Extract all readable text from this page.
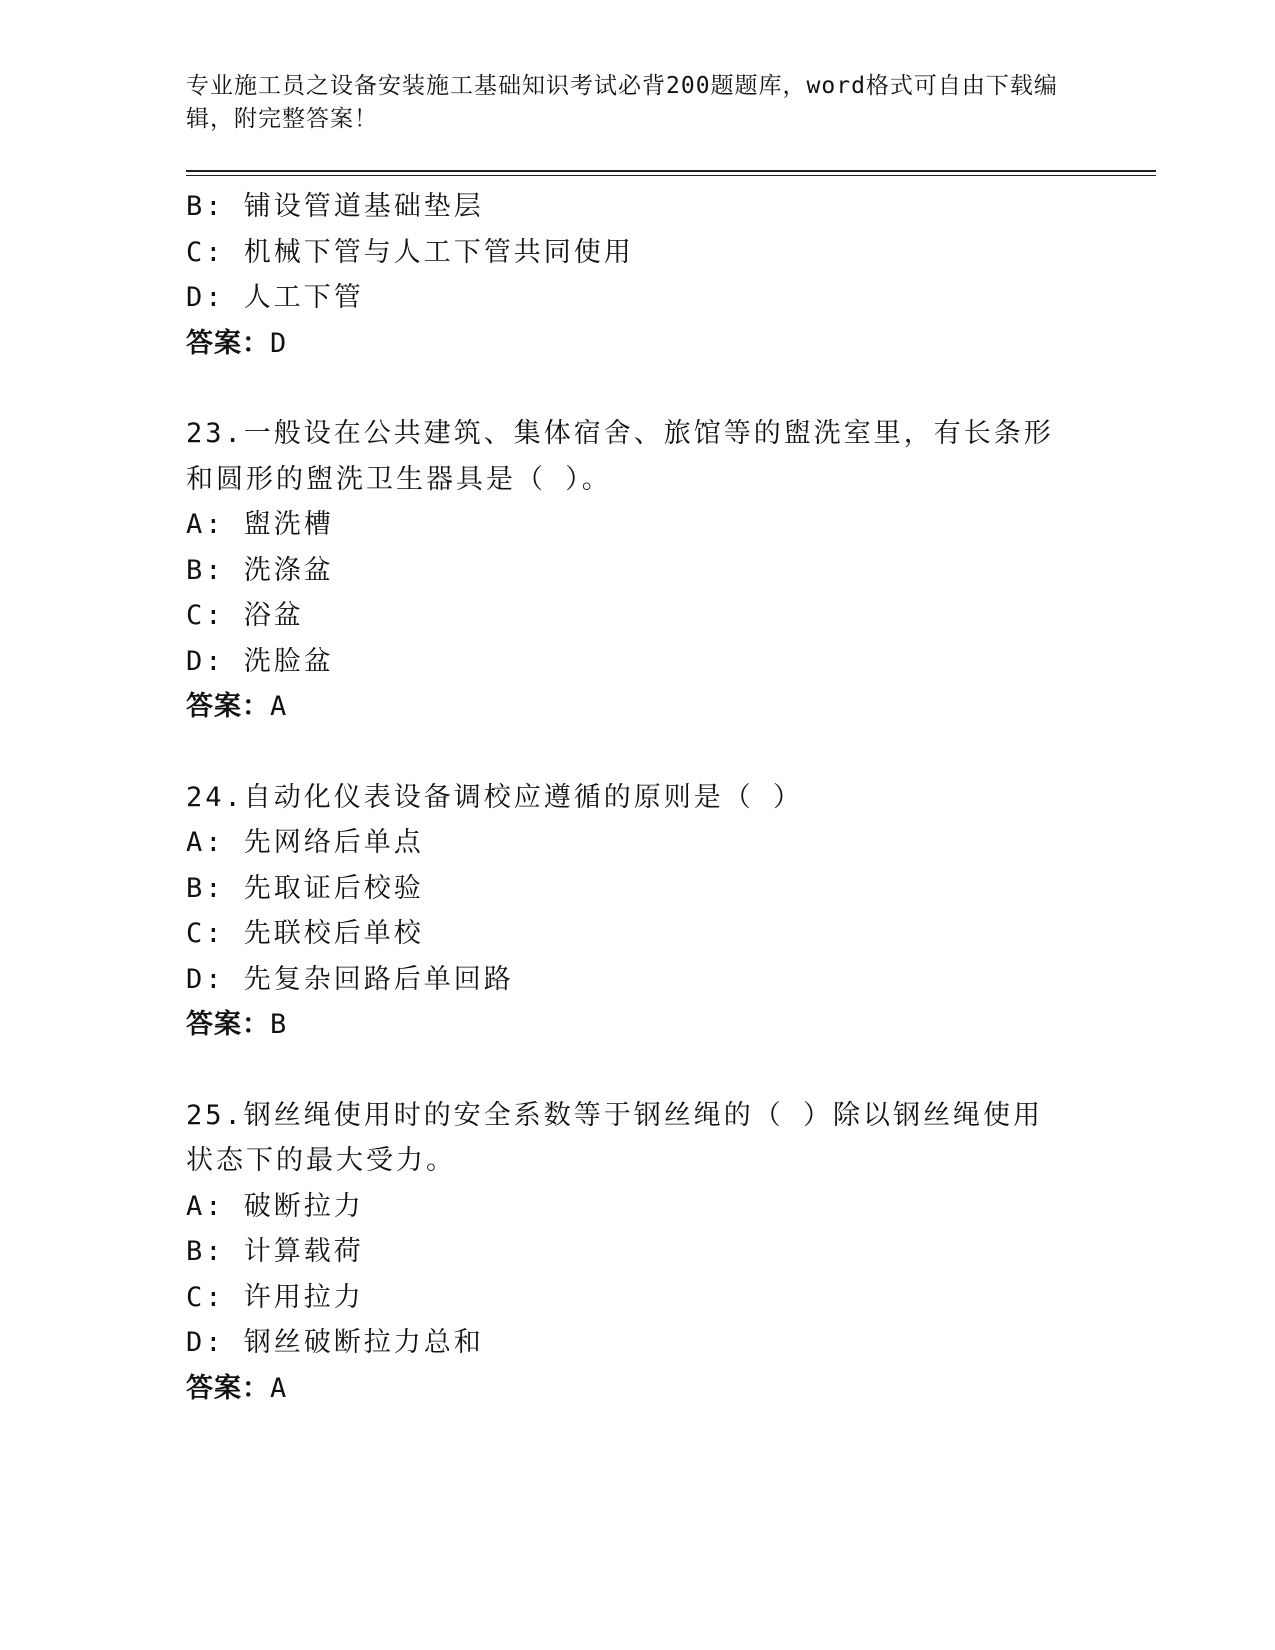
专业施工员之设备安装施工基础知识考试必背200题题库，word格式可自由下载编辑，附完整答案！

B: 铺设管道基础垫层

C: 机械下管与人工下管共同使用

D: 人工下管

答案：D

23.一般设在公共建筑、集体宿舍、旅馆等的盥洗室里，有长条形和圆形的盥洗卫生器具是（ ）。

A: 盥洗槽

B: 洗涤盆

C: 浴盆

D: 洗脸盆

答案：A

24.自动化仪表设备调校应遵循的原则是（ ）

A: 先网络后单点

B: 先取证后校验

C: 先联校后单校

D: 先复杂回路后单回路

答案：B

25.钢丝绳使用时的安全系数等于钢丝绳的（ ）除以钢丝绳使用状态下的最大受力。

A: 破断拉力

B: 计算载荷

C: 许用拉力

D: 钢丝破断拉力总和

答案：A
